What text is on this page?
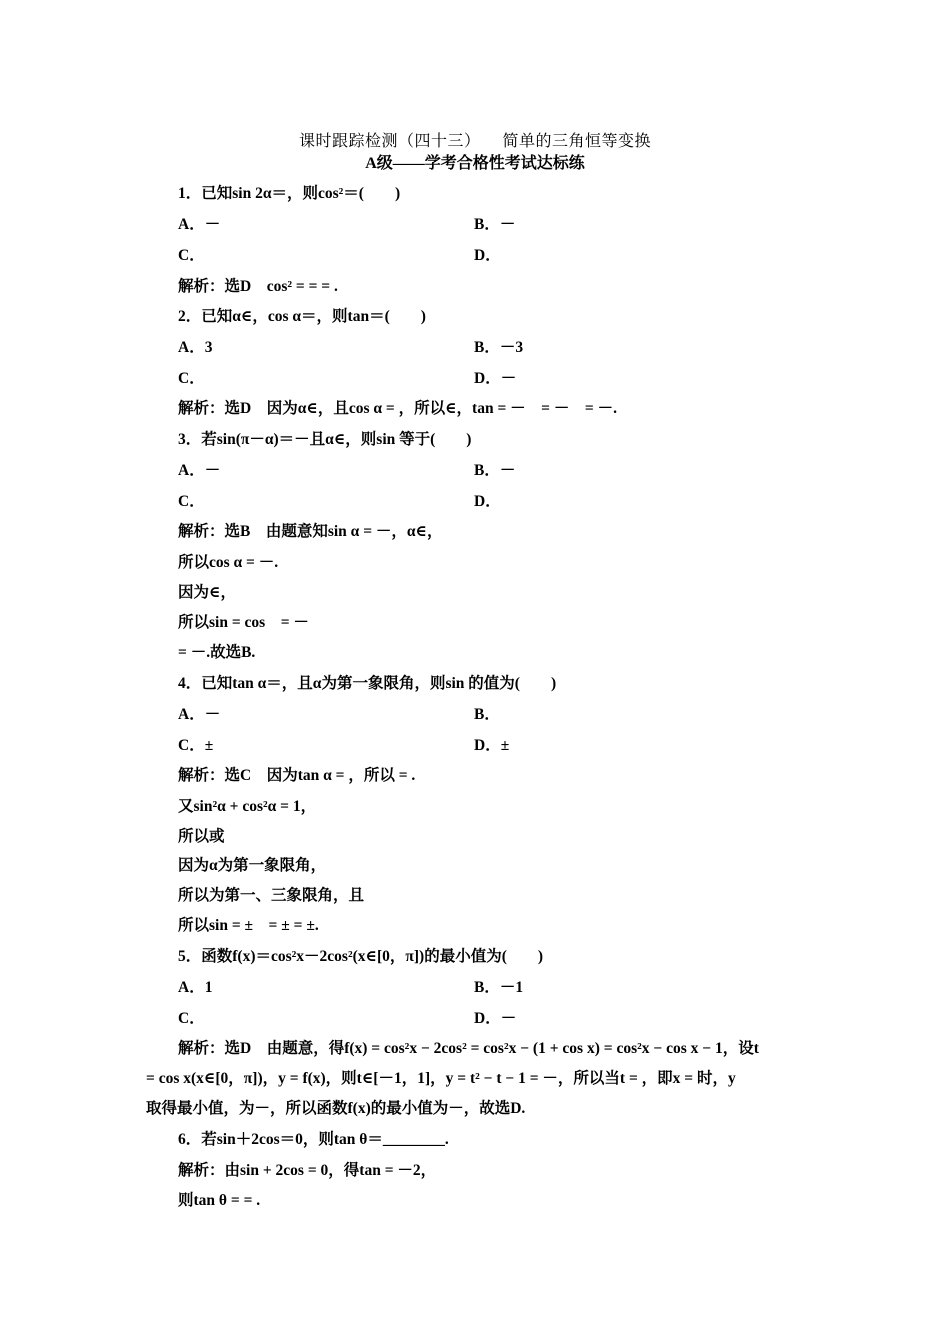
课时跟踪检测（四十三） 简单的三角恒等变换
A级——学考合格性考试达标练
1．已知sin 2α＝，则cos²＝(　　)
A．－	B．－
C．	D．
解析：选D　cos² = = = .
2．已知α∈，cos α＝，则tan＝(　　)
A．3	B．－3
C．	D．－
解析：选D　因为α∈，且cos α = ，所以∈，tan = －　= －　= －.
3．若sin(π－α)＝－且α∈，则sin 等于(　　)
A．－	B．－
C．	D．
解析：选B　由题意知sin α = －，α∈，
所以cos α = －.
因为∈，
所以sin = cos　= －
= －.故选B.
4．已知tan α＝，且α为第一象限角，则sin 的值为(　　)
A．－	B．
C．±	D．±
解析：选C　因为tan α = ，所以 = .
又sin²α + cos²α = 1，
所以或
因为α为第一象限角，
所以为第一、三象限角，且
所以sin = ±　= ± = ±.
5．函数f(x)＝cos²x－2cos²(x∈[0，π])的最小值为(　　)
A．1	B．－1
C．	D．－
解析：选D　由题意，得f(x) = cos²x − 2cos² = cos²x − (1 + cos x) = cos²x − cos x − 1，设t
= cos x(x∈[0，π])，y = f(x)，则t∈[－1，1]，y = t² − t − 1 = －，所以当t = ，即x = 时，y
取得最小值，为－，所以函数f(x)的最小值为－，故选D.
6．若sin＋2cos＝0，则tan θ＝________.
解析：由sin + 2cos = 0，得tan = －2，
则tan θ = = .
